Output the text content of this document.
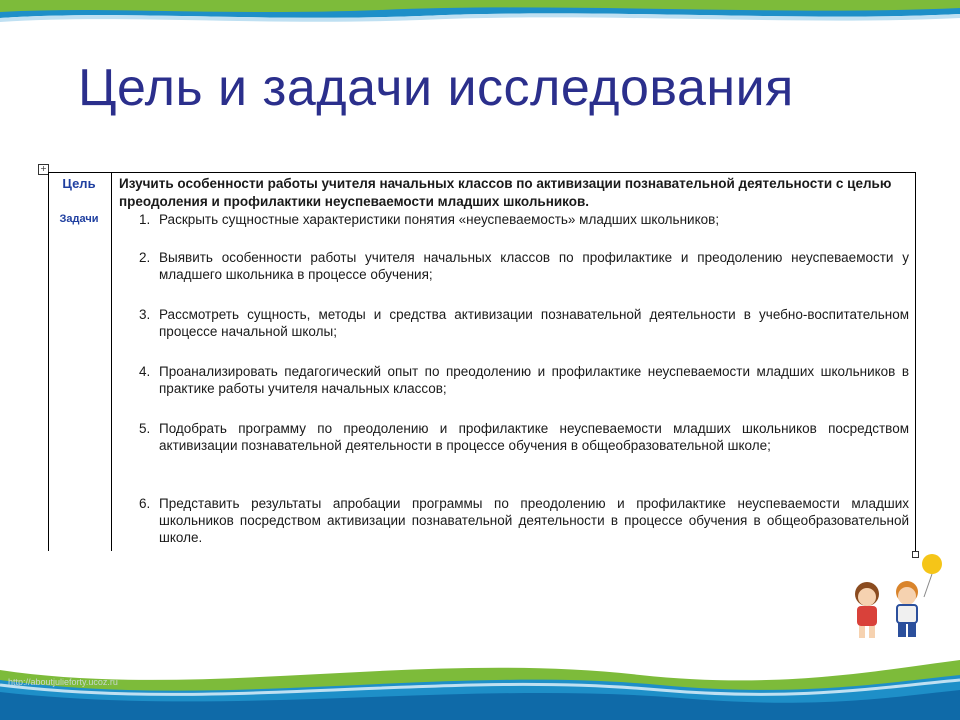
Цель и задачи исследования
+
Цель
Задачи
Изучить особенности работы учителя начальных классов по активизации познавательной деятельности с целью преодоления и профилактики неуспеваемости младших школьников.
1. Раскрыть сущностные характеристики понятия «неуспеваемость» младших школьников;
2. Выявить особенности работы учителя начальных классов по профилактике и преодолению неуспеваемости у младшего школьника в процессе обучения;
3. Рассмотреть сущность, методы и средства активизации познавательной деятельности в учебно-воспитательном процессе начальной школы;
4. Проанализировать педагогический опыт по преодолению и профилактике неуспеваемости младших школьников в практике работы учителя начальных классов;
5. Подобрать программу по преодолению и профилактике неуспеваемости младших школьников посредством активизации познавательной деятельности в процессе обучения в общеобразовательной школе;
6. Представить результаты апробации программы по преодолению и профилактике неуспеваемости младших школьников посредством активизации познавательной деятельности в процессе обучения в общеобразовательной школе.
http://aboutjulieforty.ucoz.ru
